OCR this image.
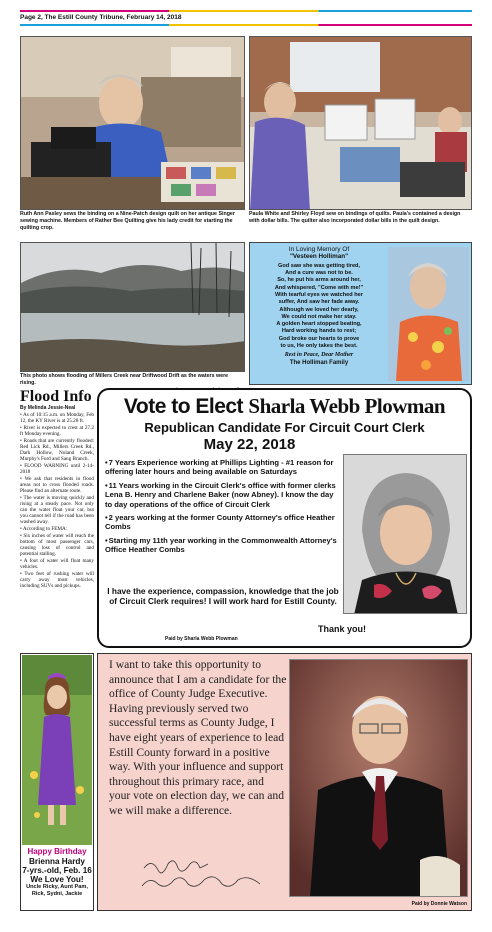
Page 2, The Estill County Tribune, February 14, 2018
Ruth Ann Pasley sews the binding on a Nine-Patch design quilt on her antique Singer sewing machine. Members of Rather Bee Quilting give his lady credit for starting the quilting crop.
Paula White and Shirley Floyd sew on bindings of quilts. Paula's contained a design with dollar bills. The quilter also incorporated dollar bills in the quilt design.
This photo shows flooding of Millers Creek near Driftwood Drift as the waters were rising.
In Loving Memory Of
"Vesteen Holliman"
God saw she was getting tired,
And a cure was not to be.
So, he put his arms around her,
And whispered, "Come with me!"
With tearful eyes we watched her
suffer, And saw her fade away.
Although we loved her dearly,
We could not make her stay.
A golden heart stopped beating,
Hard working hands to rest;
God broke our hearts to prove
to us, He only takes the best.
Rest in Peace, Dear Mother
The Holliman Family
Flood Info
By Melinda Jessie-Neal

• As of 10:15 a.m. on Monday, Feb 12, the KY River is at 25.28 ft.

• River is expected to crest at 27.2 ft Monday evening.

• Roads that are currently flooded: Red Lick Rd., Millers Creek Rd., Dark Hollow, Noland Creek, Murphy's Ford and Sang Branch.

• FLOOD WARNING until 2-14-2018

• We ask that residents in flood areas not to cross flooded roads. Please find an alternate route.

• The water is moving quickly and rising at a steady pace. Not only can the water float your car, but you cannot tell if the road has been washed away.

• According to FEMA:

• Six inches of water will reach the bottom of most passenger cars, causing loss of control and potential stalling.

• A foot of water will float many vehicles.

• Two feet of rushing water will carry away most vehicles, including SUVs and pickups.

Vote to Elect Sharla Webb Plowman
Republican Candidate For Circuit Court Clerk
May 22, 2018
•7 Years Experience working at Phillips Lighting - #1 reason for offering later hours and being available on Saturdays
•11 Years working in the Circuit Clerk's office with former clerks Lena B. Henry and Charlene Baker (now Abney). I know the day to day operations of the office of Circuit Clerk
•2 years working at the former County Attorney's office Heather Combs
•Starting my 11th year working in the Commonwealth Attorney's Office Heather Combs
I have the experience, compassion, knowledge that the job of Circuit Clerk requires! I will work hard for Estill County.
Thank you!
Paid by Sharla Webb Plowman
Happy Birthday
Brienna Hardy
7-yrs.-old, Feb. 16
We Love You!
Uncle Ricky, Aunt Pam, Rick, Sydni, Jackie
I want to take this opportunity to announce that I am a candidate for the office of County Judge Executive. Having previously served two successful terms as County Judge, I have eight years of experience to lead Estill County forward in a positive way. With your influence and support throughout this primary race, and your vote on election day, we can and we will make a difference.
Paid by Donnie Watson
